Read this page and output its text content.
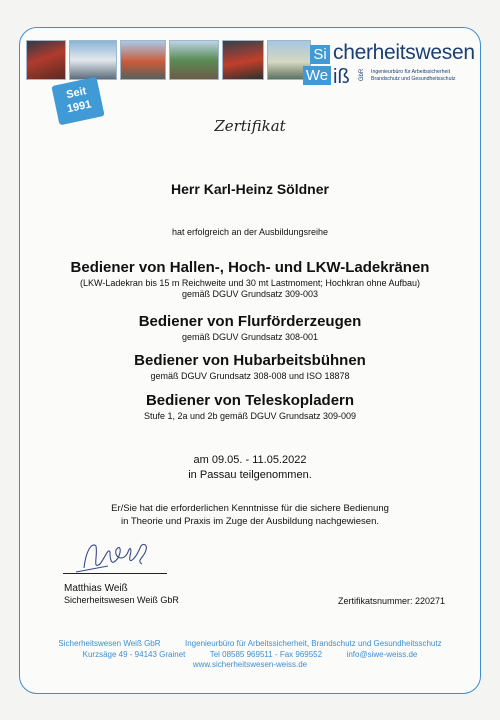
Seit
1991
Si cherheitswesen
We iß GbR Ingenieurbüro für Arbeitssicherheit
Brandschutz und Gesundheitsschutz
Zertifikat
Herr Karl-Heinz Söldner
hat erfolgreich an der Ausbildungsreihe
Bediener von Hallen-, Hoch- und LKW-Ladekränen
(LKW-Ladekran bis 15 m Reichweite und 30 mt Lastmoment; Hochkran ohne Aufbau)
gemäß DGUV Grundsatz 309-003
Bediener von Flurförderzeugen
gemäß DGUV Grundsatz 308-001
Bediener von Hubarbeitsbühnen
gemäß DGUV Grundsatz 308-008 und ISO 18878
Bediener von Teleskopladern
Stufe 1, 2a und 2b gemäß DGUV Grundsatz 309-009
am 09.05. - 11.05.2022
in Passau teilgenommen.
Er/Sie hat die erforderlichen Kenntnisse für die sichere Bedienung
in Theorie und Praxis im Zuge der Ausbildung nachgewiesen.
Matthias Weiß
Sicherheitswesen Weiß GbR	Zertifikatsnummer: 220271
Sicherheitswesen Weiß GbR	Ingenieurbüro für Arbeitssicherheit, Brandschutz und Gesundheitsschutz
Kurzsäge 49 - 94143 Grainet	Tel 08585 969511 - Fax 969552	info@siwe-weiss.de
www.sicherheitswesen-weiss.de
